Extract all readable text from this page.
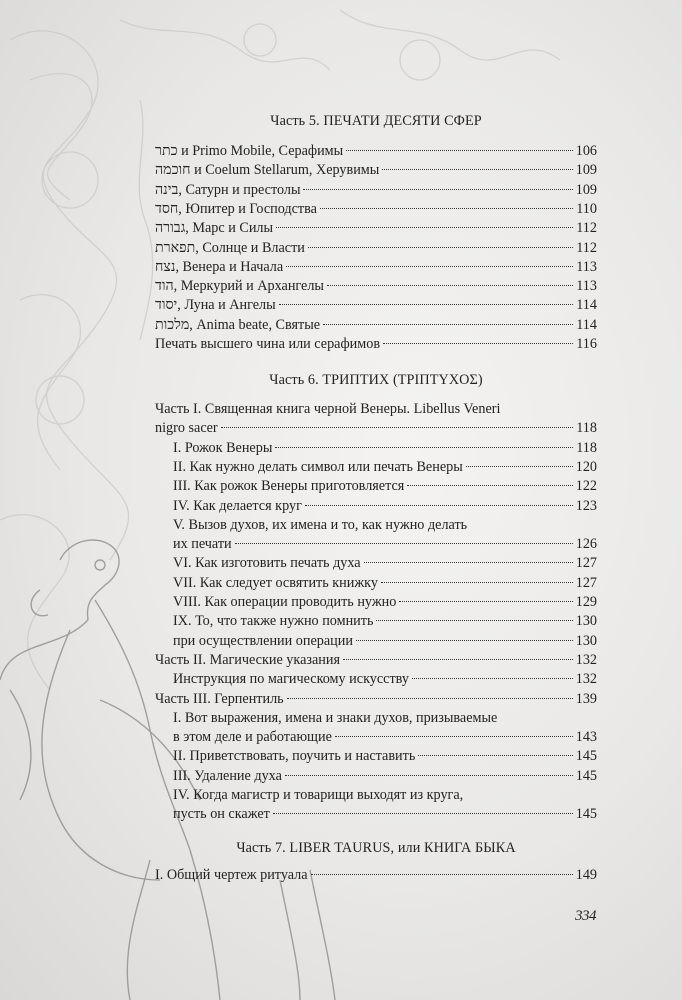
Часть 5. ПЕЧАТИ ДЕСЯТИ СФЕР
כתר и Primo Mobile, Серафимы	106
חוכמה и Coelum Stellarum, Херувимы	109
בינה, Сатурн и престолы	109
חסד, Юпитер и Господства	110
גבורה, Марс и Силы	112
תפארת, Солнце и Власти	112
נצח, Венера и Начала	113
הוד, Меркурий и Архангелы	113
יסוד, Луна и Ангелы	114
מלכות, Anima beate, Святые	114
Печать высшего чина или серафимов	116
Часть 6. ТРИПТИХ (ΤΡΙΠΤΥΧΟΣ)
Часть I. Священная книга черной Венеры. Libellus Veneri
nigro sacer	118
I. Рожок Венеры	118
II. Как нужно делать символ или печать Венеры	120
III. Как рожок Венеры приготовляется	122
IV. Как делается круг	123
V. Вызов духов, их имена и то, как нужно делать
их печати	126
VI. Как изготовить печать духа	127
VII. Как следует освятить книжку	127
VIII. Как операции проводить нужно	129
IX. То, что также нужно помнить	130
при осуществлении операции	130
Часть II. Магические указания	132
Инструкция по магическому искусству	132
Часть III. Герпентиль	139
I. Вот выражения, имена и знаки духов, призываемые
в этом деле и работающие	143
II. Приветствовать, поучить и наставить	145
III. Удаление духа	145
IV. Когда магистр и товарищи выходят из круга,
пусть он скажет	145
Часть 7. LIBER TAURUS, или КНИГА БЫКА
I. Общий чертеж ритуала	149
334
